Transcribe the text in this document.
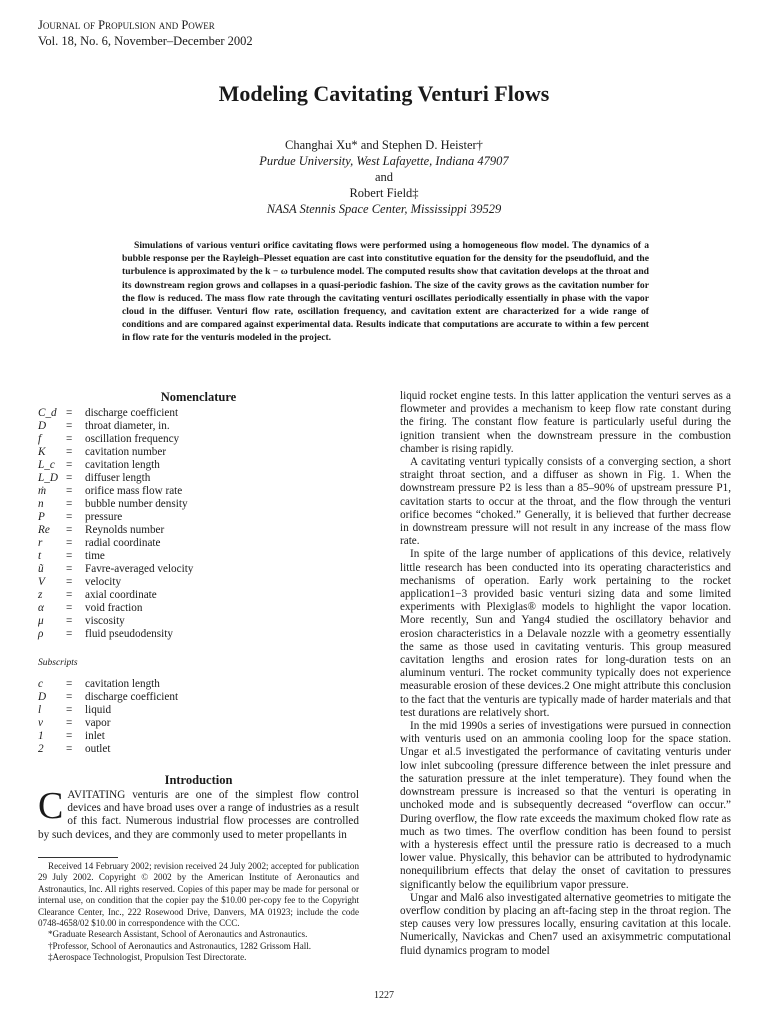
Journal of Propulsion and Power
Vol. 18, No. 6, November–December 2002
Modeling Cavitating Venturi Flows
Changhai Xu* and Stephen D. Heister†
Purdue University, West Lafayette, Indiana 47907
and
Robert Field‡
NASA Stennis Space Center, Mississippi 39529
Simulations of various venturi orifice cavitating flows were performed using a homogeneous flow model. The dynamics of a bubble response per the Rayleigh–Plesset equation are cast into constitutive equation for the density for the pseudofluid, and the turbulence is approximated by the k − ω turbulence model. The computed results show that cavitation develops at the throat and its downstream region grows and collapses in a quasi-periodic fashion. The size of the cavity grows as the cavitation number for the flow is reduced. The mass flow rate through the cavitating venturi oscillates periodically essentially in phase with the vapor cloud in the diffuser. Venturi flow rate, oscillation frequency, and cavitation extent are characterized for a wide range of conditions and are compared against experimental data. Results indicate that computations are accurate to within a few percent in flow rate for the venturis modeled in the project.
Nomenclature
C_d =	discharge coefficient
D	=	throat diameter, in.
f	=	oscillation frequency
K	=	cavitation number
L_c	=	cavitation length
L_D =	diffuser length
ṁ	=	orifice mass flow rate
n	=	bubble number density
P	=	pressure
Re	=	Reynolds number
r	=	radial coordinate
t	=	time
ũ	=	Favre-averaged velocity
V	=	velocity
z	=	axial coordinate
α	=	void fraction
μ	=	viscosity
ρ	=	fluid pseudodensity
Subscripts
c	=	cavitation length
D	=	discharge coefficient
l	=	liquid
v	=	vapor
1	=	inlet
2	=	outlet
Introduction
CAVITATING venturis are one of the simplest flow control devices and have broad uses over a range of industries as a result of this fact. Numerous industrial flow processes are controlled by such devices, and they are commonly used to meter propellants in

Received 14 February 2002; revision received 24 July 2002; accepted for publication 29 July 2002. Copyright © 2002 by the American Institute of Aeronautics and Astronautics, Inc. All rights reserved. Copies of this paper may be made for personal or internal use, on condition that the copier pay the $10.00 per-copy fee to the Copyright Clearance Center, Inc., 222 Rosewood Drive, Danvers, MA 01923; include the code 0748-4658/02 $10.00 in correspondence with the CCC.

*Graduate Research Assistant, School of Aeronautics and Astronautics.

†Professor, School of Aeronautics and Astronautics, 1282 Grissom Hall.

‡Aerospace Technologist, Propulsion Test Directorate.

liquid rocket engine tests. In this latter application the venturi serves as a flowmeter and provides a mechanism to keep flow rate constant during the firing. The constant flow feature is particularly useful during the ignition transient when the downstream pressure in the combustion chamber is rising rapidly.

A cavitating venturi typically consists of a converging section, a short straight throat section, and a diffuser as shown in Fig. 1. When the downstream pressure P2 is less than a 85–90% of upstream pressure P1, cavitation starts to occur at the throat, and the flow through the venturi orifice becomes “choked.” Generally, it is believed that further decrease in downstream pressure will not result in any increase of the mass flow rate.

In spite of the large number of applications of this device, relatively little research has been conducted into its operating characteristics and mechanisms of operation. Early work pertaining to the rocket application1−3 provided basic venturi sizing data and some limited experiments with Plexiglas® models to highlight the vapor location. More recently, Sun and Yang4 studied the oscillatory behavior and erosion characteristics in a Delavale nozzle with a geometry essentially the same as those used in cavitating venturis. This group measured cavitation lengths and erosion rates for long-duration tests on an aluminum venturi. The rocket community typically does not experience measurable erosion of these devices.2 One might attribute this conclusion to the fact that the venturis are typically made of harder materials and that test durations are relatively short.

In the mid 1990s a series of investigations were pursued in connection with venturis used on an ammonia cooling loop for the space station. Ungar et al.5 investigated the performance of cavitating venturis under low inlet subcooling (pressure difference between the inlet pressure and the saturation pressure at the inlet temperature). They found when the downstream pressure is increased so that the venturi is operating in unchoked mode and is subsequently decreased “overflow can occur.” During overflow, the flow rate exceeds the maximum choked flow rate as much as two times. The overflow condition has been found to persist with a hysteresis effect until the pressure ratio is decreased to a much lower value. Physically, this behavior can be attributed to hydrodynamic nonequilibrium effects that delay the onset of cavitation to pressures significantly below the equilibrium vapor pressure.

Ungar and Mal6 also investigated alternative geometries to mitigate the overflow condition by placing an aft-facing step in the throat region. The step causes very low pressures locally, ensuring cavitation at this locale. Numerically, Navickas and Chen7 used an axisymmetric computational fluid dynamics program to model

1227
